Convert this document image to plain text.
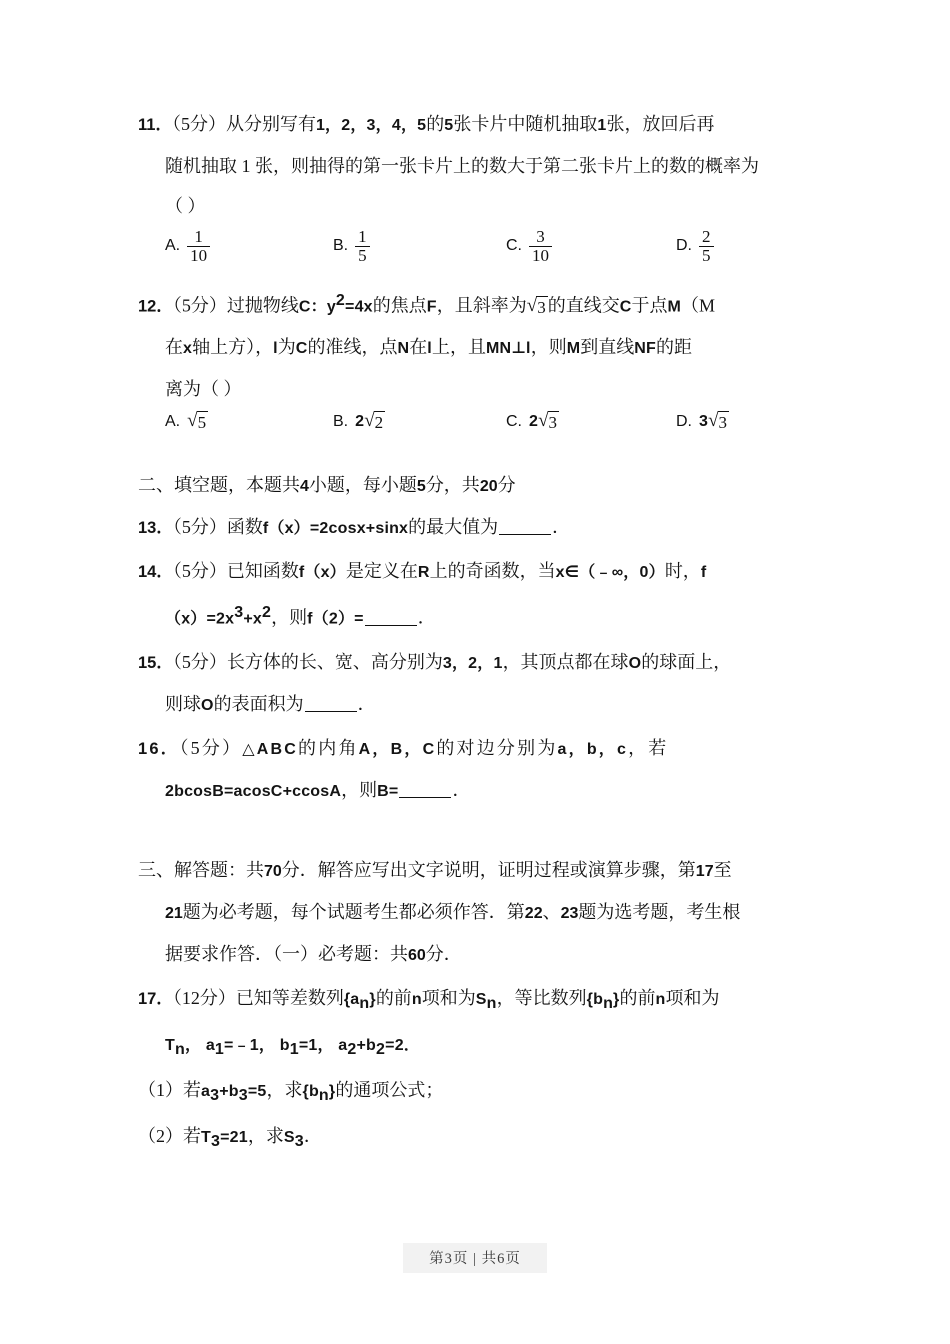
11．（5分）从分别写有1，2，3，4，5的5张卡片中随机抽取1张，放回后再
随机抽取 1 张，则抽得的第一张卡片上的数大于第二张卡片上的数的概率为
（ ）
A. $\frac{1}{10}$	B. $\frac{1}{5}$	C. $\frac{3}{10}$	D. $\frac{2}{5}$
12．（5分）过抛物线C：$y^2=4x$的焦点F，且斜率为 √ 3 的直线交C于点M（M
在x轴上方），l为C的准线，点N在l上，且MN⊥l，则M到直线NF的距
离为（ ）
A. √ 5	B. 2 √ 2	C. 2 √ 3	D. 3 √ 3
二、填空题，本题共4小题，每小题5分，共20分
13．（5分）函数f（x）=2cosx+sinx的最大值为	．
14．（5分）已知函数f（x）是定义在R上的奇函数，当x∈（﹣∞，0）时，f
$(x)=2x^3+x^2$，则f（2）=	．
15．（5分）长方体的长、宽、高分别为3，2，1，其顶点都在球O的球面上，
则球O的表面积为	．
16．（5分）△ABC的内角A，B，C的对边分别为a，b，c，若
2bcosB=acosC+ccosA，则B=	．
三、解答题：共70分．解答应写出文字说明，证明过程或演算步骤，第17至
21题为必考题，每个试题考生都必须作答．第22、23题为选考题，考生根
据要求作答．（一）必考题：共60分．
17．（12分）已知等差数列$\{a_n\}$的前n项和为$S_n$，等比数列$\{b_n\}$的前n项和为
$T_n$， $a_1=﹣1$， $b_1=1$， $a_2+b_2=2$．
（1）若$a_3+b_3=5$，求$\{b_n\}$的通项公式；
（2）若$T_3=21$，求$S_3$．
第3页 | 共6页
